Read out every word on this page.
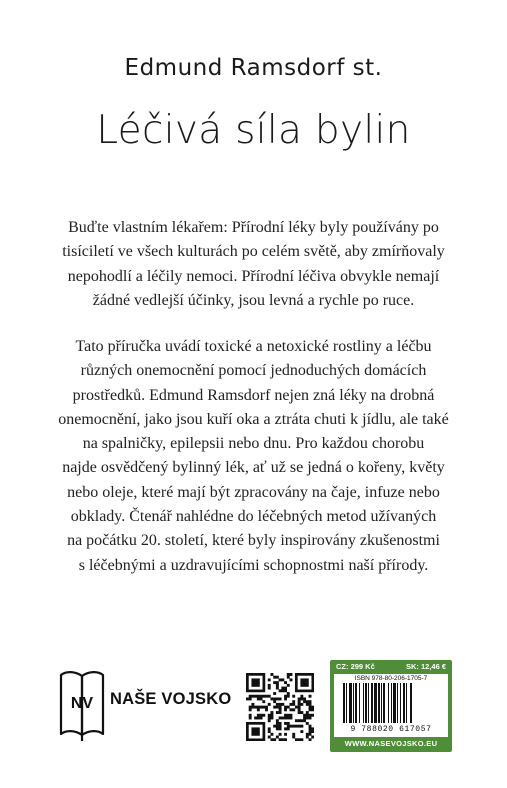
Edmund Ramsdorf st.
Léčivá síla bylin
Buďte vlastním lékařem: Přírodní léky byly používány po
tisíciletí ve všech kulturách po celém světě, aby zmírňovaly
nepohodlí a léčily nemoci. Přírodní léčiva obvykle nemají
žádné vedlejší účinky, jsou levná a rychle po ruce.
Tato příručka uvádí toxické a netoxické rostliny a léčbu
různých onemocnění pomocí jednoduchých domácích
prostředků. Edmund Ramsdorf nejen zná léky na drobná
onemocnění, jako jsou kuří oka a ztráta chuti k jídlu, ale také
na spalničky, epilepsii nebo dnu. Pro každou chorobu
najde osvědčený bylinný lék, ať už se jedná o kořeny, květy
nebo oleje, které mají být zpracovány na čaje, infuze nebo
obklady. Čtenář nahlédne do léčebných metod užívaných
na počátku 20. století, které byly inspirovány zkušenostmi
s léčebnými a uzdravujícími schopnostmi naší přírody.
NV NAŠE VOJSKO
CZ: 299 Kč	SK: 12,46 €
ISBN 978-80-206-1705-7
9 788020 617057
WWW.NASEVOJSKO.EU
